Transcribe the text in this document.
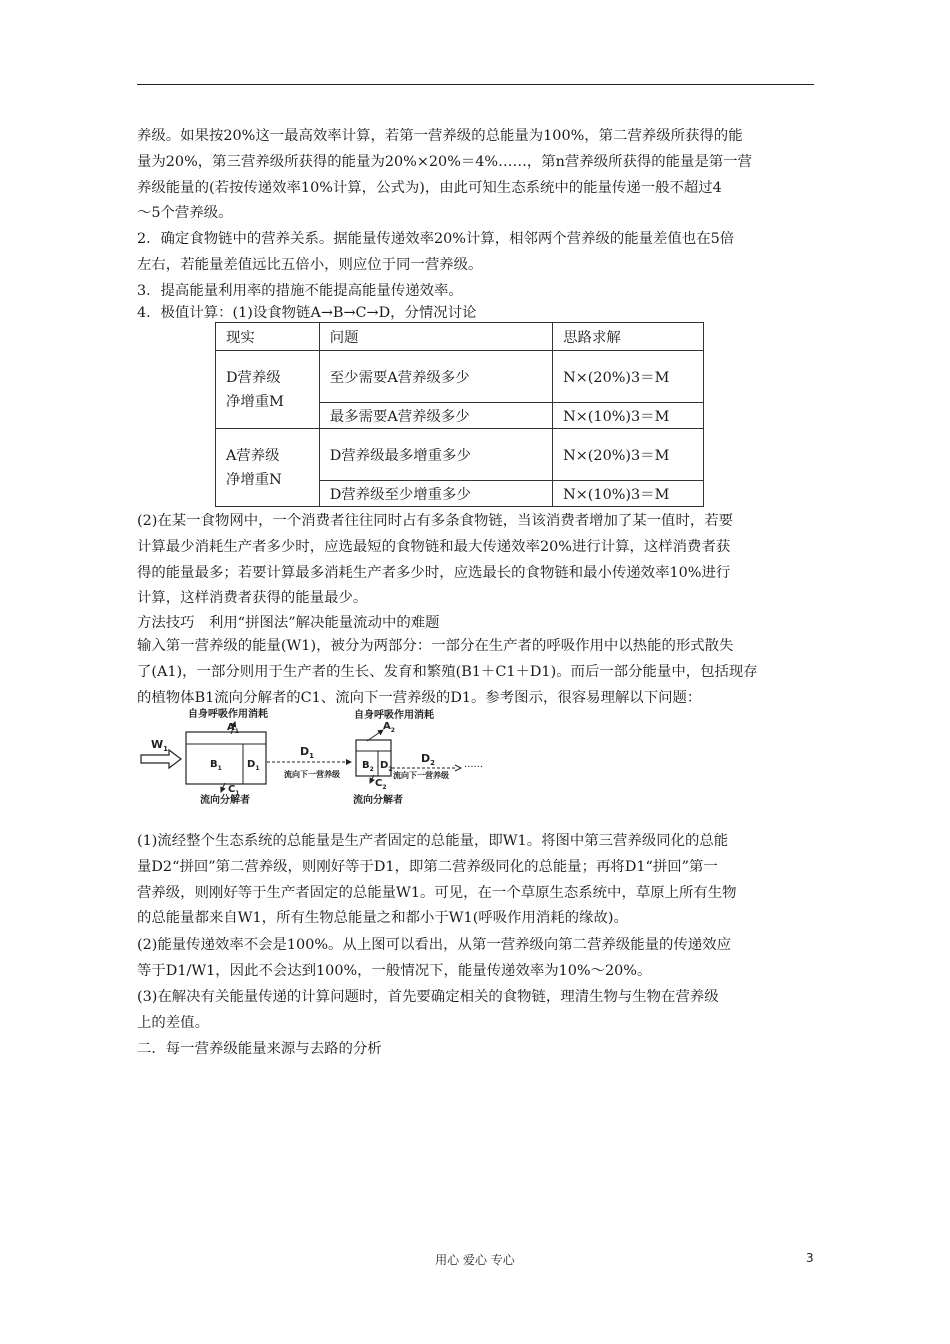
养级。如果按20%这一最高效率计算，若第一营养级的总能量为100%，第二营养级所获得的能
量为20%，第三营养级所获得的能量为20%×20%＝4%……，第n营养级所获得的能量是第一营
养级能量的(若按传递效率10%计算，公式为)，由此可知生态系统中的能量传递一般不超过4
～5个营养级。

2．确定食物链中的营养关系。据能量传递效率20%计算，相邻两个营养级的能量差值也在5倍
左右，若能量差值远比五倍小，则应位于同一营养级。

3．提高能量利用率的措施不能提高能量传递效率。

4．极值计算：(1)设食物链A→B→C→D，分情况讨论

现实	问题	思路求解
D营养级
净增重M	至少需要A营养级多少	N×(20%)3＝M
	最多需要A营养级多少	N×(10%)3＝M
A营养级
净增重N	D营养级最多增重多少	N×(20%)3＝M
	D营养级至少增重多少	N×(10%)3＝M

(2)在某一食物网中，一个消费者往往同时占有多条食物链，当该消费者增加了某一值时，若要
计算最少消耗生产者多少时，应选最短的食物链和最大传递效率20%进行计算，这样消费者获
得的能量最多；若要计算最多消耗生产者多少时，应选最长的食物链和最小传递效率10%进行
计算，这样消费者获得的能量最少。

方法技巧　利用“拼图法”解决能量流动中的难题

输入第一营养级的能量(W1)，被分为两部分：一部分在生产者的呼吸作用中以热能的形式散失
了(A1)，一部分则用于生产者的生长、发育和繁殖(B1＋C1＋D1)。而后一部分能量中，包括现存
的植物体B1流向分解者的C1、流向下一营养级的D1。参考图示，很容易理解以下问题：

$W_1$
自身呼吸作用消耗
$A_1$
$B_1$	$D_1$
$C_1$
流向分解者
$D_1$
流向下一营养级
自身呼吸作用消耗
$A_2$
$B_2$ $D_2$
$C_2$
流向分解者
······
$D_2$
流向下一营养级

(1)流经整个生态系统的总能量是生产者固定的总能量，即W1。将图中第三营养级同化的总能
量D2“拼回”第二营养级，则刚好等于D1，即第二营养级同化的总能量；再将D1“拼回”第一
营养级，则刚好等于生产者固定的总能量W1。可见，在一个草原生态系统中，草原上所有生物
的总能量都来自W1，所有生物总能量之和都小于W1(呼吸作用消耗的缘故)。

(2)能量传递效率不会是100%。从上图可以看出，从第一营养级向第二营养级能量的传递效应
等于D1/W1，因此不会达到100%，一般情况下，能量传递效率为10%～20%。

(3)在解决有关能量传递的计算问题时，首先要确定相关的食物链，理清生物与生物在营养级
上的差值。

二．每一营养级能量来源与去路的分析

用心 爱心 专心	3
